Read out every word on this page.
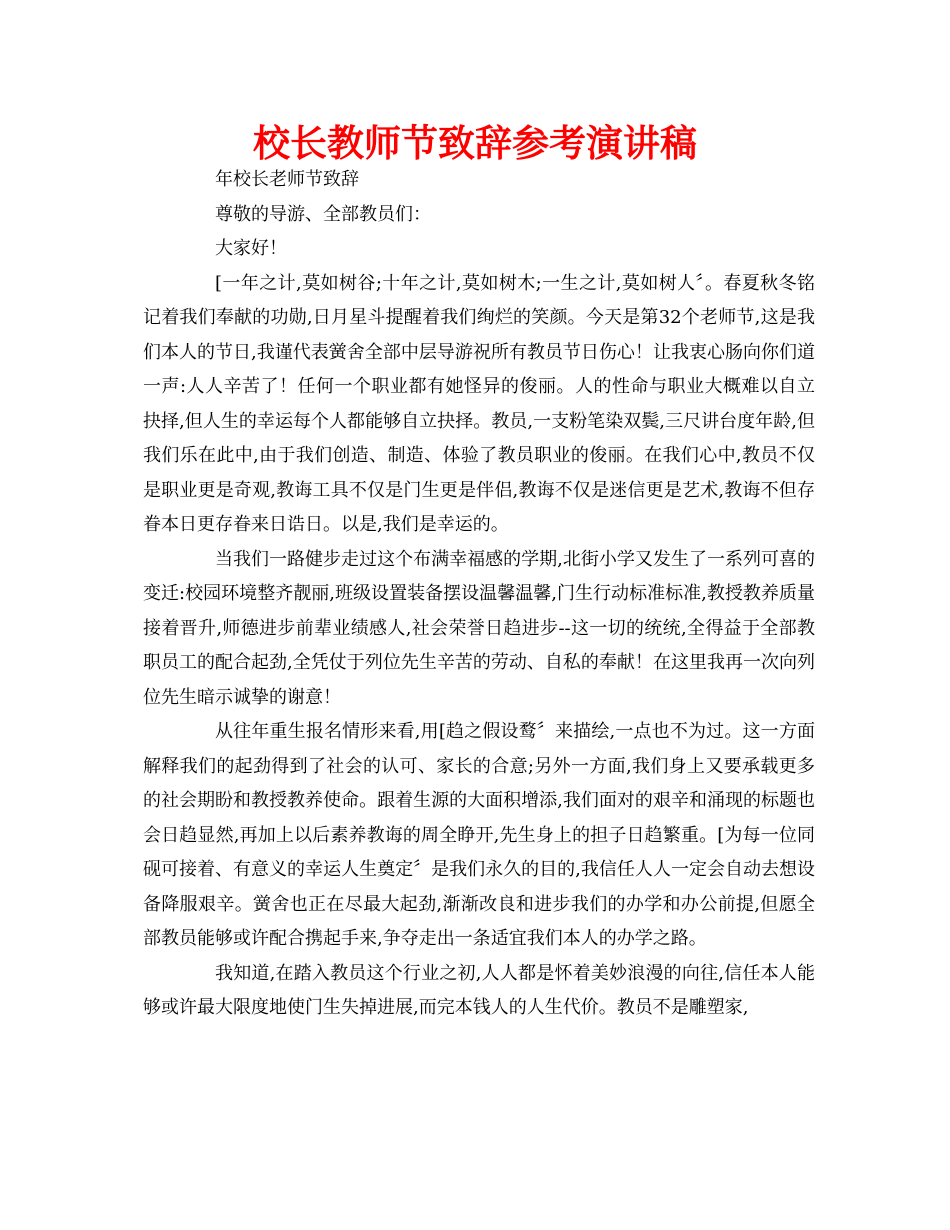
校长教师节致辞参考演讲稿

年校长老师节致辞

尊敬的导游、全部教员们：

大家好！

[一年之计,莫如树谷;十年之计,莫如树木;一生之计,莫如树人〞。春夏秋冬铭记着我们奉献的功勋,日月星斗提醒着我们绚烂的笑颜。今天是第32个老师节,这是我们本人的节日,我谨代表黉舍全部中层导游祝所有教员节日伤心！让我衷心肠向你们道一声:人人辛苦了！任何一个职业都有她怪异的俊丽。人的性命与职业大概难以自立抉择,但人生的幸运每个人都能够自立抉择。教员,一支粉笔染双鬓,三尺讲台度年龄,但我们乐在此中,由于我们创造、制造、体验了教员职业的俊丽。在我们心中,教员不仅是职业更是奇观,教诲工具不仅是门生更是伴侣,教诲不仅是迷信更是艺术,教诲不但存眷本日更存眷来日诰日。以是,我们是幸运的。

当我们一路健步走过这个布满幸福感的学期,北街小学又发生了一系列可喜的变迁:校园环境整齐靓丽,班级设置装备摆设温馨温馨,门生行动标准标准,教授教养质量接着晋升,师德进步前辈业绩感人,社会荣誉日趋进步--这一切的统统,全得益于全部教职员工的配合起劲,全凭仗于列位先生辛苦的劳动、自私的奉献！在这里我再一次向列位先生暗示诚挚的谢意！

从往年重生报名情形来看,用[趋之假设鹜〞来描绘,一点也不为过。这一方面解释我们的起劲得到了社会的认可、家长的合意;另外一方面,我们身上又要承载更多的社会期盼和教授教养使命。跟着生源的大面积增添,我们面对的艰辛和涌现的标题也会日趋显然,再加上以后素养教诲的周全睁开,先生身上的担子日趋繁重。[为每一位同砚可接着、有意义的幸运人生奠定〞是我们永久的目的,我信任人人一定会自动去想设备降服艰辛。黉舍也正在尽最大起劲,渐渐改良和进步我们的办学和办公前提,但愿全部教员能够或许配合携起手来,争夺走出一条适宜我们本人的办学之路。

我知道,在踏入教员这个行业之初,人人都是怀着美妙浪漫的向往,信任本人能够或许最大限度地使门生失掉进展,而完本钱人的人生代价。教员不是雕塑家,
